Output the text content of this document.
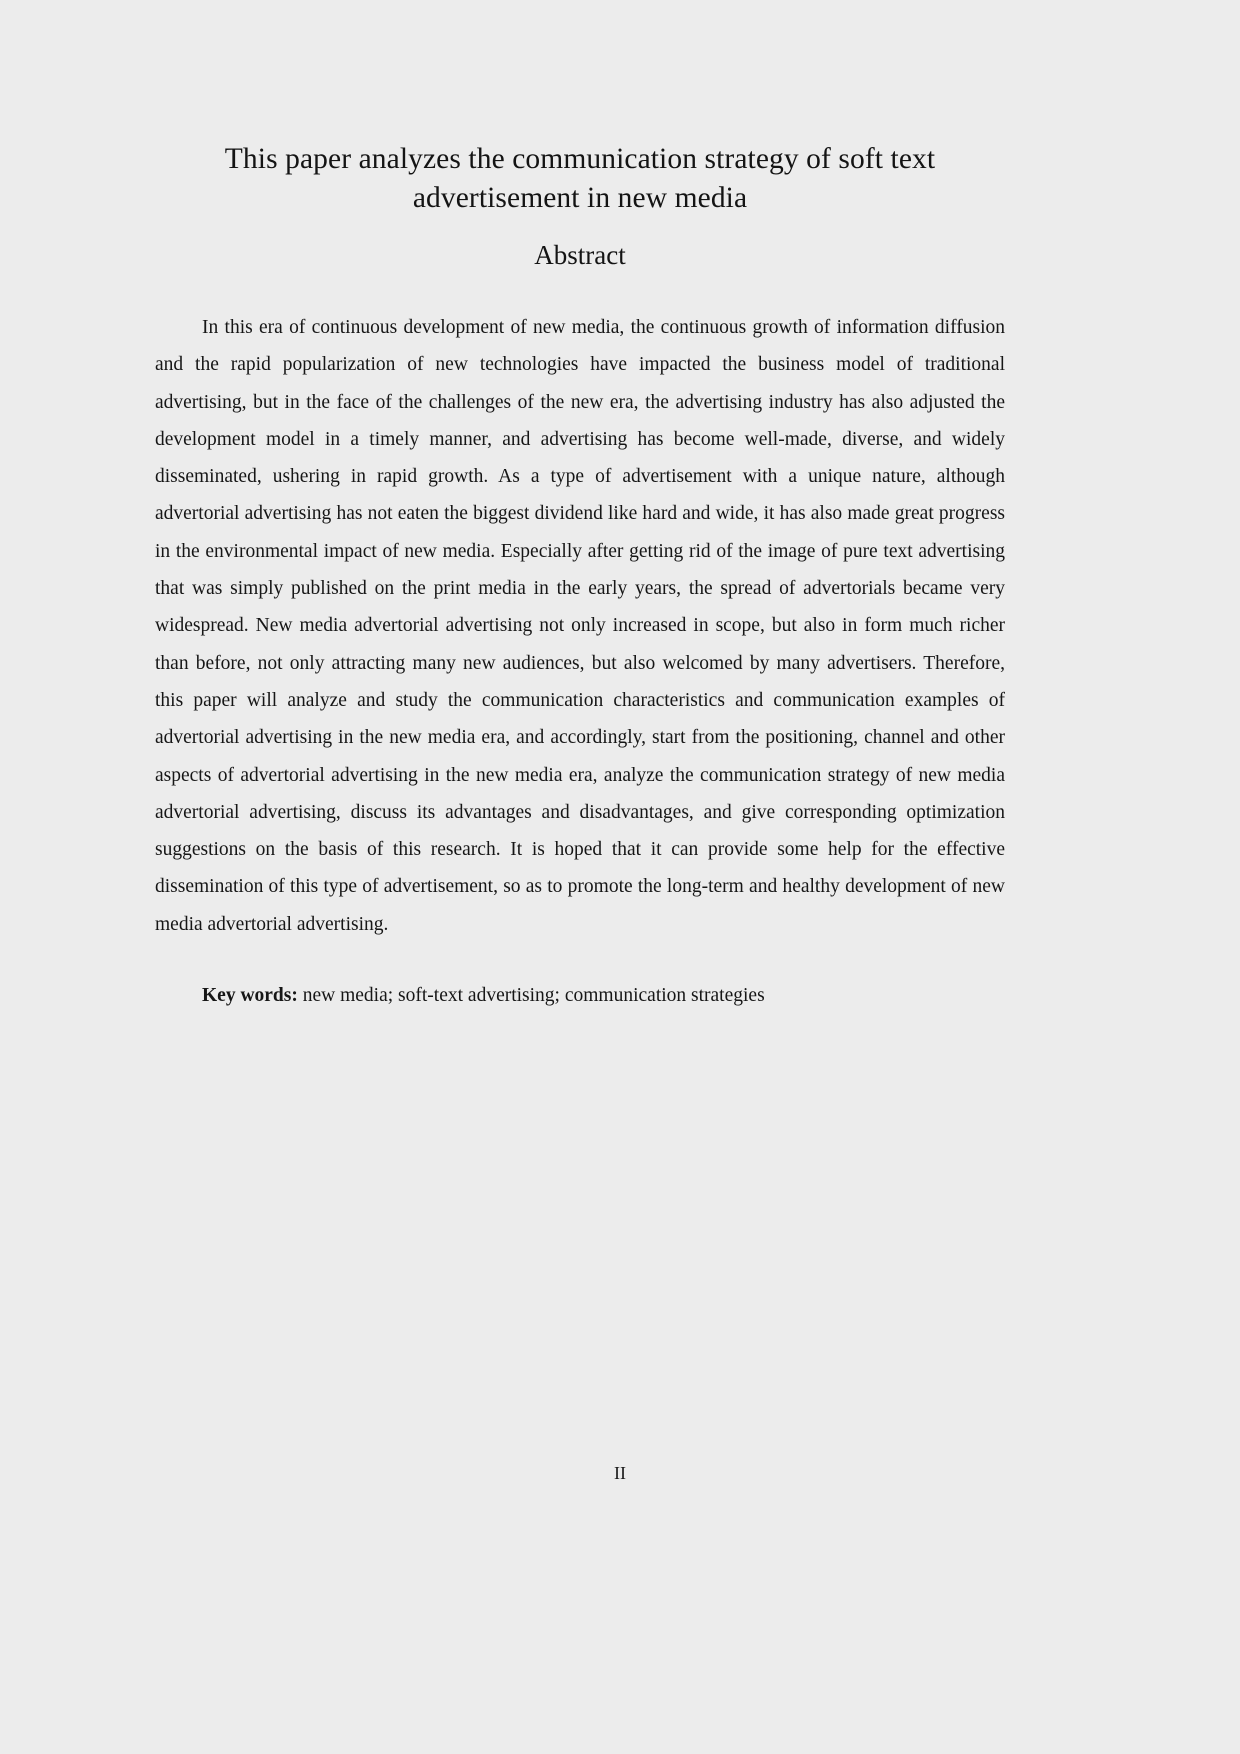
This paper analyzes the communication strategy of soft text advertisement in new media
Abstract

In this era of continuous development of new media, the continuous growth of information diffusion and the rapid popularization of new technologies have impacted the business model of traditional advertising, but in the face of the challenges of the new era, the advertising industry has also adjusted the development model in a timely manner, and advertising has become well-made, diverse, and widely disseminated, ushering in rapid growth. As a type of advertisement with a unique nature, although advertorial advertising has not eaten the biggest dividend like hard and wide, it has also made great progress in the environmental impact of new media. Especially after getting rid of the image of pure text advertising that was simply published on the print media in the early years, the spread of advertorials became very widespread. New media advertorial advertising not only increased in scope, but also in form much richer than before, not only attracting many new audiences, but also welcomed by many advertisers. Therefore, this paper will analyze and study the communication characteristics and communication examples of advertorial advertising in the new media era, and accordingly, start from the positioning, channel and other aspects of advertorial advertising in the new media era, analyze the communication strategy of new media advertorial advertising, discuss its advantages and disadvantages, and give corresponding optimization suggestions on the basis of this research. It is hoped that it can provide some help for the effective dissemination of this type of advertisement, so as to promote the long-term and healthy development of new media advertorial advertising.

Key words: new media; soft-text advertising; communication strategies

II
